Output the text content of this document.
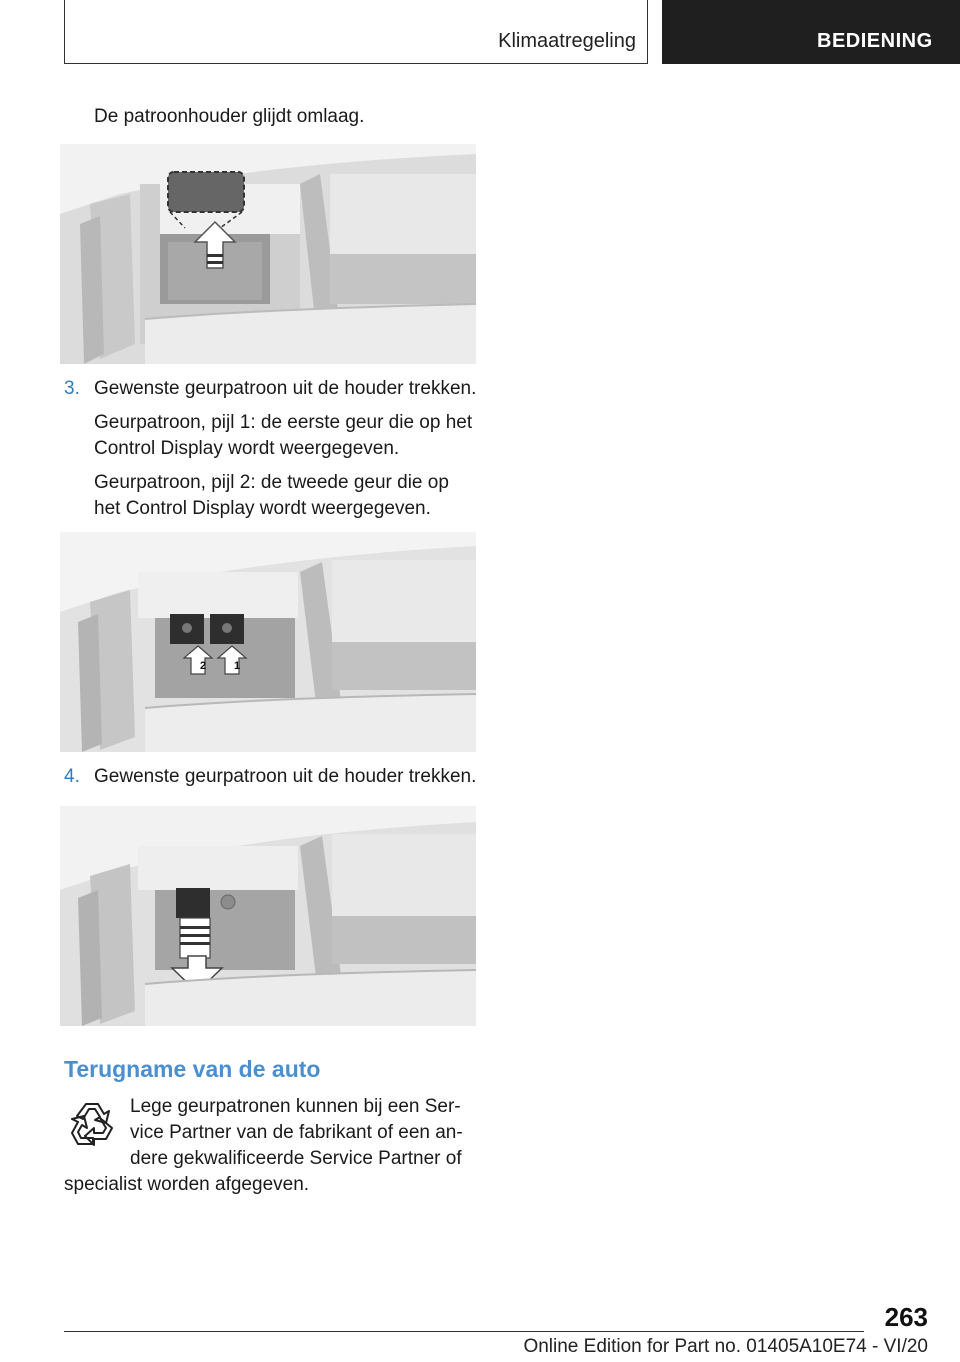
Klimaatregeling	BEDIENING
De patroonhouder glijdt omlaag.
3. Gewenste geurpatroon uit de houder trekken.
Geurpatroon, pijl 1: de eerste geur die op het
Control Display wordt weergegeven.
Geurpatroon, pijl 2: de tweede geur die op
het Control Display wordt weergegeven.
2	1
4. Gewenste geurpatroon uit de houder trekken.
Terugname van de auto
Lege geurpatronen kunnen bij een Ser-
vice Partner van de fabrikant of een an-
dere gekwalificeerde Service Partner of
specialist worden afgegeven.
263
Online Edition for Part no. 01405A10E74 - VI/20
